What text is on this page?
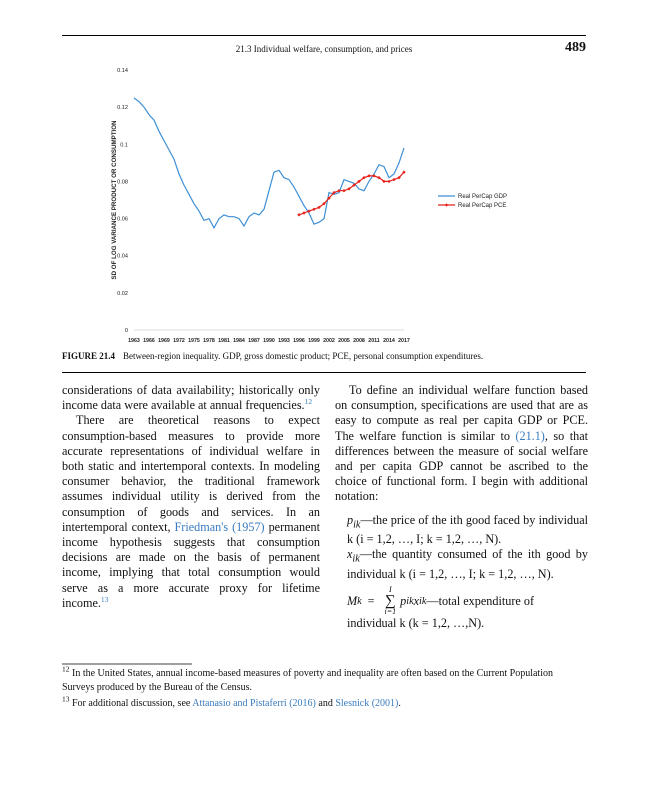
21.3 Individual welfare, consumption, and prices	489
SD OF LOG VARIANCE PRODUCT OR CONSUMPTION
0
0.02
0.04
0.06
0.08
0.1
0.12
0.14
1963 1966 1969 1972 1975 1978 1981 1984 1987 1990 1993 1996 1999 2002 2005 2008 2011 2014 2017
Real PerCap GDP
Real PerCap PCE
FIGURE 21.4 Between-region inequality. GDP, gross domestic product; PCE, personal consumption expenditures.

considerations of data availability; historically only income data were available at annual frequencies.$^{12}$

There are theoretical reasons to expect consumption-based measures to provide more accurate representations of individual welfare in both static and intertemporal contexts. In modeling consumer behavior, the traditional framework assumes individual utility is derived from the consumption of goods and services. In an intertemporal context, Friedman's (1957) permanent income hypothesis suggests that consumption decisions are made on the basis of permanent income, implying that total consumption would serve as a more accurate proxy for lifetime income.$^{13}$

To define an individual welfare function based on consumption, specifications are used that are as easy to compute as real per capita GDP or PCE. The welfare function is similar to (21.1), so that differences between the measure of social welfare and per capita GDP cannot be ascribed to the choice of functional form. I begin with additional notation:

$p_{ik}—the$ price of the ith good faced by individual k (i = 1,2, …, I; k = 1,2, …, N).

$x_{ik}—the$ quantity consumed of the ith good by individual k (i = 1,2, …, I; k = 1,2, …, N).

M k =
I
∑
i=1
p ik x ik —total expenditure of

individual k (k = 1,2, …,N).

$^{12}$ In the United States, annual income-based measures of poverty and inequality are often based on the Current Population Surveys produced by the Bureau of the Census.
$^{13}$ For additional discussion, see Attanasio and Pistaferri (2016) and Slesnick (2001).
